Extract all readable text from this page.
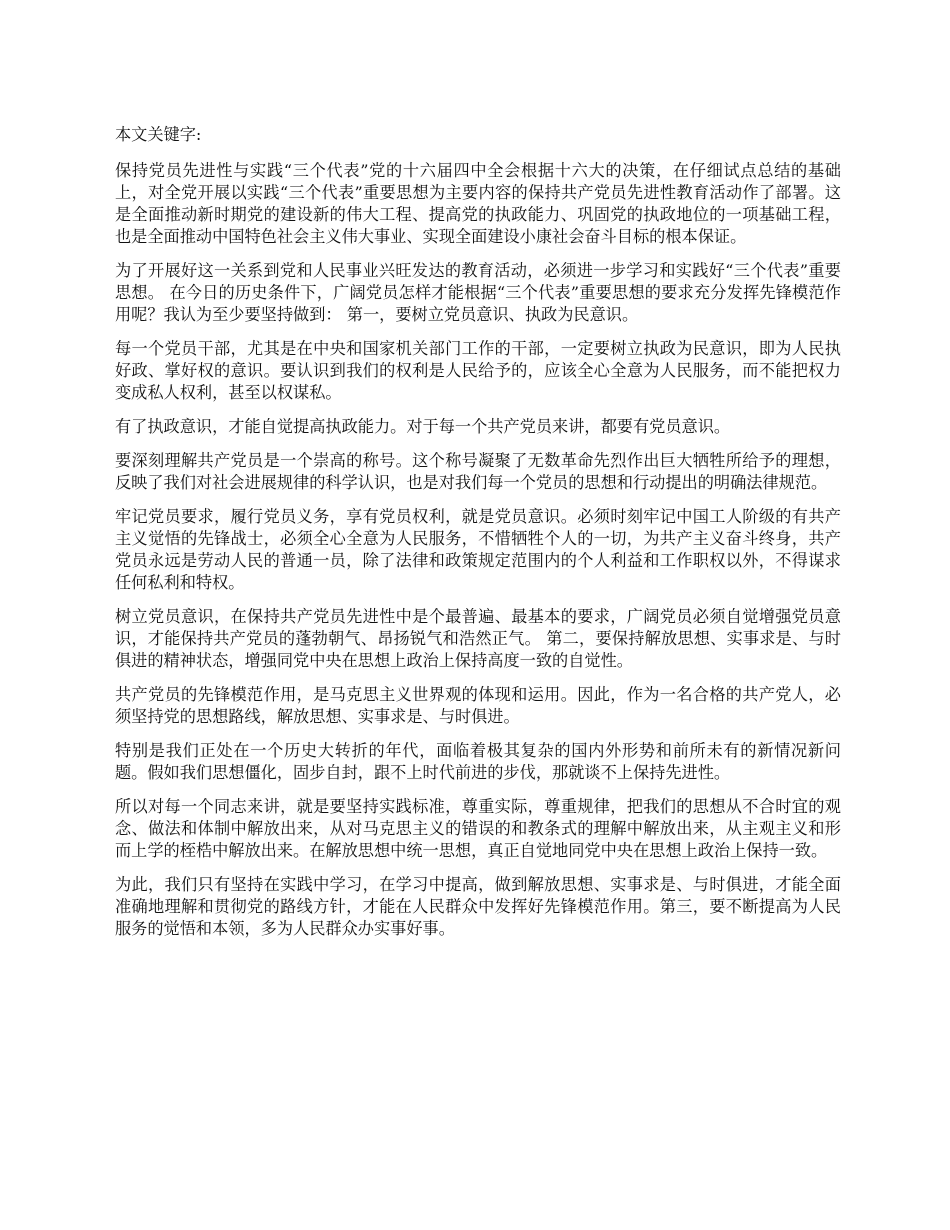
本文关键字:

保持党员先进性与实践“三个代表”党的十六届四中全会根据十六大的决策，在仔细试点总结的基础上，对全党开展以实践“三个代表”重要思想为主要内容的保持共产党员先进性教育活动作了部署。这是全面推动新时期党的建设新的伟大工程、提高党的执政能力、巩固党的执政地位的一项基础工程，也是全面推动中国特色社会主义伟大事业、实现全面建设小康社会奋斗目标的根本保证。

为了开展好这一关系到党和人民事业兴旺发达的教育活动，必须进一步学习和实践好“三个代表”重要思想。 在今日的历史条件下，广阔党员怎样才能根据“三个代表”重要思想的要求充分发挥先锋模范作用呢？我认为至少要坚持做到： 第一，要树立党员意识、执政为民意识。

每一个党员干部，尤其是在中央和国家机关部门工作的干部，一定要树立执政为民意识，即为人民执好政、掌好权的意识。要认识到我们的权利是人民给予的，应该全心全意为人民服务，而不能把权力变成私人权利，甚至以权谋私。

有了执政意识，才能自觉提高执政能力。对于每一个共产党员来讲，都要有党员意识。

要深刻理解共产党员是一个崇高的称号。这个称号凝聚了无数革命先烈作出巨大牺牲所给予的理想，反映了我们对社会进展规律的科学认识，也是对我们每一个党员的思想和行动提出的明确法律规范。

牢记党员要求，履行党员义务，享有党员权利，就是党员意识。必须时刻牢记中国工人阶级的有共产主义觉悟的先锋战士，必须全心全意为人民服务，不惜牺牲个人的一切，为共产主义奋斗终身，共产党员永远是劳动人民的普通一员，除了法律和政策规定范围内的个人利益和工作职权以外，不得谋求任何私利和特权。

树立党员意识，在保持共产党员先进性中是个最普遍、最基本的要求，广阔党员必须自觉增强党员意识，才能保持共产党员的蓬勃朝气、昂扬锐气和浩然正气。 第二，要保持解放思想、实事求是、与时俱进的精神状态，增强同党中央在思想上政治上保持高度一致的自觉性。

共产党员的先锋模范作用，是马克思主义世界观的体现和运用。因此，作为一名合格的共产党人，必须坚持党的思想路线，解放思想、实事求是、与时俱进。

特别是我们正处在一个历史大转折的年代，面临着极其复杂的国内外形势和前所未有的新情况新问题。假如我们思想僵化，固步自封，跟不上时代前进的步伐，那就谈不上保持先进性。

所以对每一个同志来讲，就是要坚持实践标准，尊重实际，尊重规律，把我们的思想从不合时宜的观念、做法和体制中解放出来，从对马克思主义的错误的和教条式的理解中解放出来，从主观主义和形而上学的桎梏中解放出来。在解放思想中统一思想，真正自觉地同党中央在思想上政治上保持一致。

为此，我们只有坚持在实践中学习，在学习中提高，做到解放思想、实事求是、与时俱进，才能全面准确地理解和贯彻党的路线方针，才能在人民群众中发挥好先锋模范作用。第三，要不断提高为人民服务的觉悟和本领，多为人民群众办实事好事。
